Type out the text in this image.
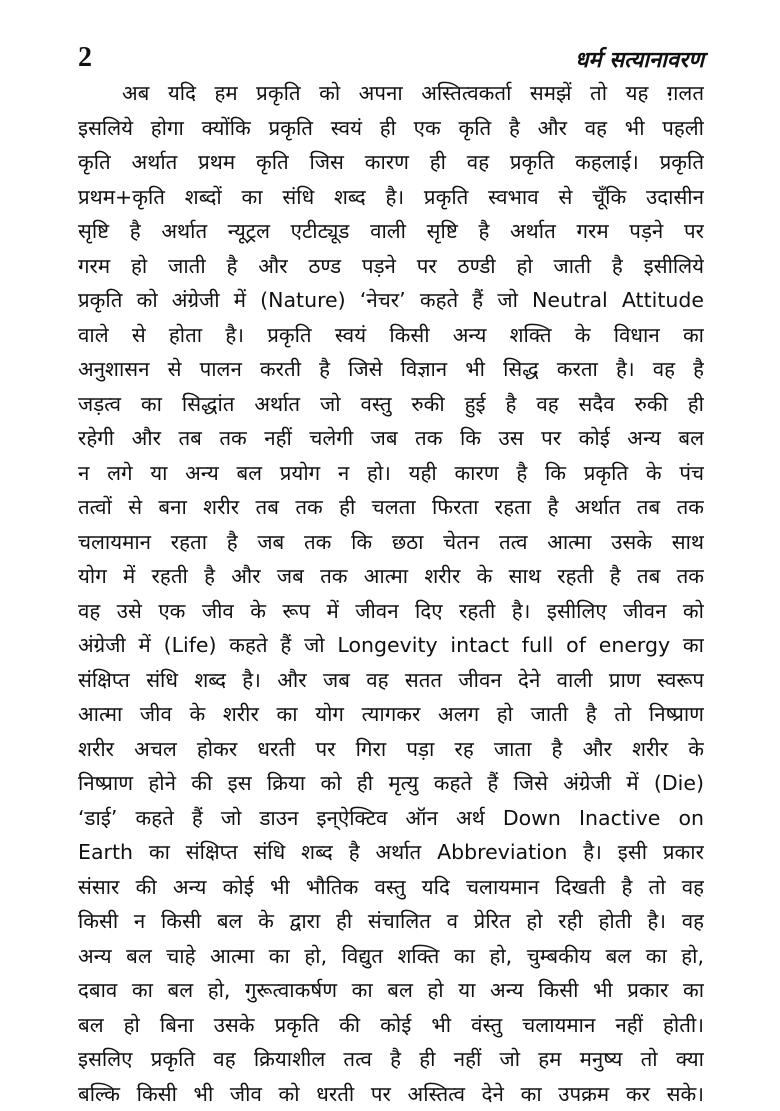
2	धर्म सत्यानावरण

अब यदि हम प्रकृति को अपना अस्तित्वकर्ता समझें तो यह ग़लत
इसलिये होगा क्योंकि प्रकृति स्वयं ही एक कृति है और वह भी पहली
कृति अर्थात प्रथम कृति जिस कारण ही वह प्रकृति कहलाई। प्रकृति
प्रथम+कृति शब्दों का संधि शब्द है। प्रकृति स्वभाव से चूँकि उदासीन
सृष्टि है अर्थात न्यूट्रल एटीट्यूड वाली सृष्टि है अर्थात गरम पड़ने पर
गरम हो जाती है और ठण्ड पड़ने पर ठण्डी हो जाती है इसीलिये
प्रकृति को अंग्रेजी में (Nature) ‘नेचर’ कहते हैं जो Neutral Attitude
वाले से होता है। प्रकृति स्वयं किसी अन्य शक्ति के विधान का
अनुशासन से पालन करती है जिसे विज्ञान भी सिद्ध करता है। वह है
जड़त्व का सिद्धांत अर्थात जो वस्तु रुकी हुई है वह सदैव रुकी ही
रहेगी और तब तक नहीं चलेगी जब तक कि उस पर कोई अन्य बल
न लगे या अन्य बल प्रयोग न हो। यही कारण है कि प्रकृति के पंच
तत्वों से बना शरीर तब तक ही चलता फिरता रहता है अर्थात तब तक
चलायमान रहता है जब तक कि छठा चेतन तत्व आत्मा उसके साथ
योग में रहती है और जब तक आत्मा शरीर के साथ रहती है तब तक
वह उसे एक जीव के रूप में जीवन दिए रहती है। इसीलिए जीवन को
अंग्रेजी में (Life) कहते हैं जो Longevity intact full of energy का
संक्षिप्त संधि शब्द है। और जब वह सतत जीवन देने वाली प्राण स्वरूप
आत्मा जीव के शरीर का योग त्यागकर अलग हो जाती है तो निष्प्राण
शरीर अचल होकर धरती पर गिरा पड़ा रह जाता है और शरीर के
निष्प्राण होने की इस क्रिया को ही मृत्यु कहते हैं जिसे अंग्रेजी में (Die)
‘डाई’ कहते हैं जो डाउन इन्ऐक्टिव ऑन अर्थ Down Inactive on
Earth का संक्षिप्त संधि शब्द है अर्थात Abbreviation है। इसी प्रकार
संसार की अन्य कोई भी भौतिक वस्तु यदि चलायमान दिखती है तो वह
किसी न किसी बल के द्वारा ही संचालित व प्रेरित हो रही होती है। वह
अन्य बल चाहे आत्मा का हो, विद्युत शक्ति का हो, चुम्बकीय बल का हो,
दबाव का बल हो, गुरूत्वाकर्षण का बल हो या अन्य किसी भी प्रकार का
बल हो बिना उसके प्रकृति की कोई भी वंस्तु चलायमान नहीं होती।
इसलिए प्रकृति वह क्रियाशील तत्व है ही नहीं जो हम मनुष्य तो क्या
बल्कि किसी भी जीव को धरती पर अस्तित्व देने का उपक्रम कर सके।
